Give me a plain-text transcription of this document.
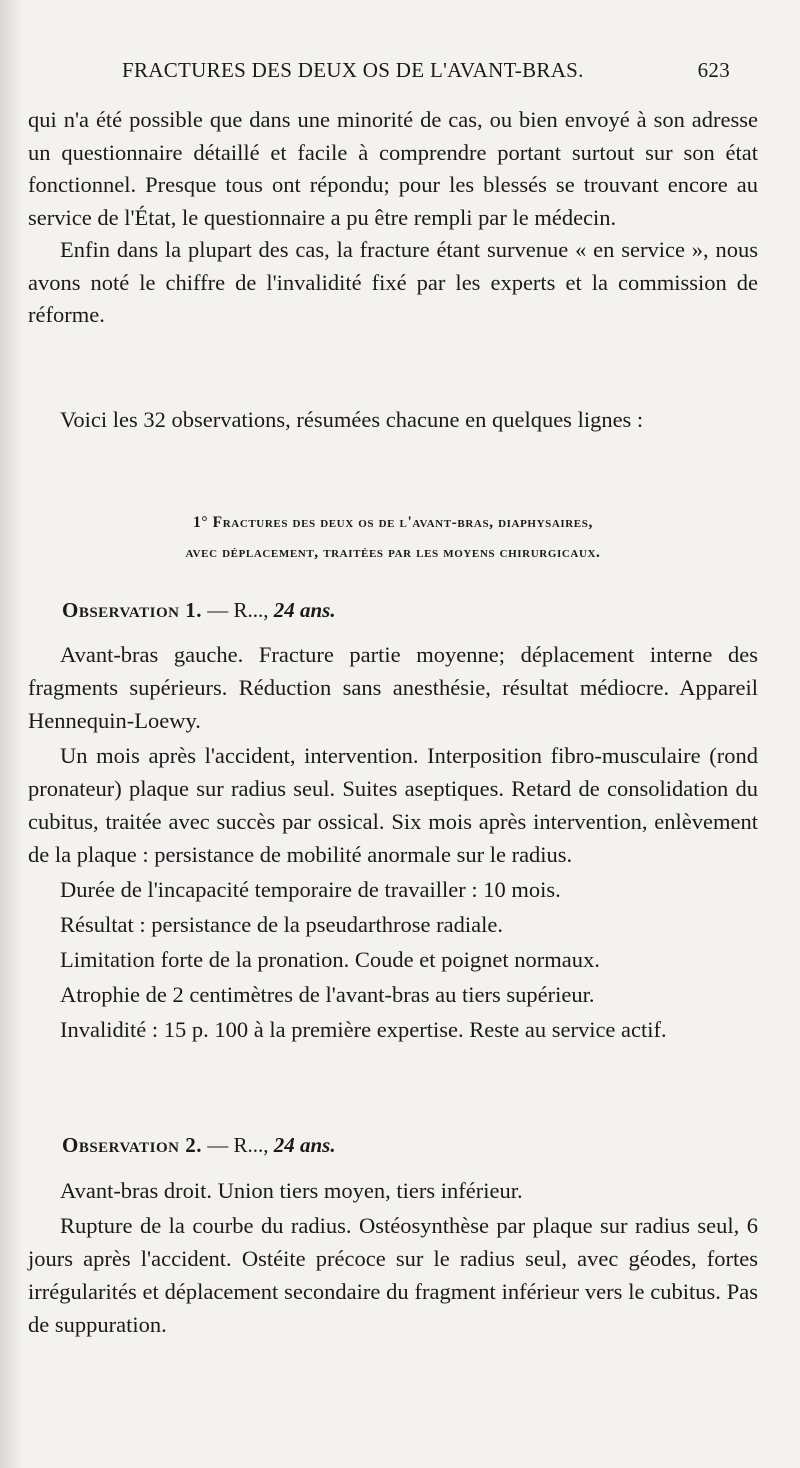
FRACTURES DES DEUX OS DE L'AVANT-BRAS.	623

qui n'a été possible que dans une minorité de cas, ou bien envoyé à son adresse un questionnaire détaillé et facile à comprendre portant surtout sur son état fonctionnel. Presque tous ont répondu; pour les blessés se trouvant encore au service de l'État, le questionnaire a pu être rempli par le médecin.

Enfin dans la plupart des cas, la fracture étant survenue « en service », nous avons noté le chiffre de l'invalidité fixé par les experts et la commission de réforme.

Voici les 32 observations, résumées chacune en quelques lignes :

1° Fractures des deux os de l'avant-bras, diaphysaires,
avec déplacement, traitées par les moyens chirurgicaux.
Observation 1. — R..., 24 ans.

Avant-bras gauche. Fracture partie moyenne; déplacement interne des fragments supérieurs. Réduction sans anesthésie, résultat médiocre. Appareil Hennequin-Loewy.

Un mois après l'accident, intervention. Interposition fibro-musculaire (rond pronateur) plaque sur radius seul. Suites aseptiques. Retard de consolidation du cubitus, traitée avec succès par ossical. Six mois après intervention, enlèvement de la plaque : persistance de mobilité anormale sur le radius.

Durée de l'incapacité temporaire de travailler : 10 mois.

Résultat : persistance de la pseudarthrose radiale.

Limitation forte de la pronation. Coude et poignet normaux.

Atrophie de 2 centimètres de l'avant-bras au tiers supérieur.

Invalidité : 15 p. 100 à la première expertise. Reste au service actif.

Observation 2. — R..., 24 ans.

Avant-bras droit. Union tiers moyen, tiers inférieur.

Rupture de la courbe du radius. Ostéosynthèse par plaque sur radius seul, 6 jours après l'accident. Ostéite précoce sur le radius seul, avec géodes, fortes irrégularités et déplacement secondaire du fragment inférieur vers le cubitus. Pas de suppuration.
